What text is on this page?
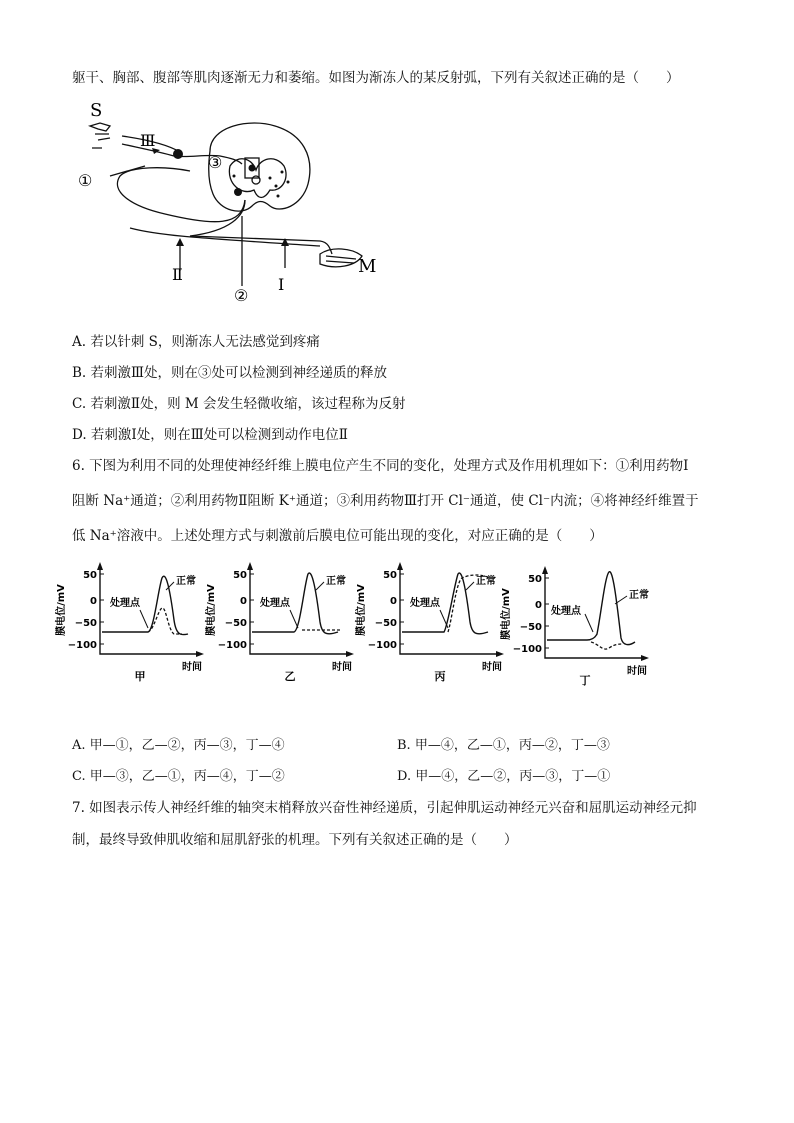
躯干、胸部、腹部等肌肉逐渐无力和萎缩。如图为渐冻人的某反射弧，下列有关叙述正确的是（　　）
S
Ⅲ
①
③
Ⅱ
Ⅰ
②
M
A. 若以针刺 S，则渐冻人无法感觉到疼痛
B. 若刺激Ⅲ处，则在③处可以检测到神经递质的释放
C. 若刺激Ⅱ处，则 M 会发生轻微收缩，该过程称为反射
D. 若刺激Ⅰ处，则在Ⅲ处可以检测到动作电位Ⅱ
6. 下图为利用不同的处理使神经纤维上膜电位产生不同的变化，处理方式及作用机理如下：①利用药物Ⅰ
阻断 Na⁺通道；②利用药物Ⅱ阻断 K⁺通道；③利用药物Ⅲ打开 Cl⁻通道，使 Cl⁻内流；④将神经纤维置于
低 Na⁺溶液中。上述处理方式与刺激前后膜电位可能出现的变化，对应正确的是（　　）
50
0
−50
−100
膜电位/mV	处理点
正常
时间
甲
50
0
−50
−100
膜电位/mV	处理点
正常
时间
乙
50
0
−50
−100
膜电位/mV	处理点
正常
时间
丙
50
0
−50
−100
膜电位/mV	处理点
正常
时间
丁
A. 甲—①，乙—②，丙—③，丁—④	B. 甲—④，乙—①，丙—②，丁—③
C. 甲—③，乙—①，丙—④，丁—②	D. 甲—④，乙—②，丙—③，丁—①
7. 如图表示传人神经纤维的轴突末梢释放兴奋性神经递质，引起伸肌运动神经元兴奋和屈肌运动神经元抑
制，最终导致伸肌收缩和屈肌舒张的机理。下列有关叙述正确的是（　　）
